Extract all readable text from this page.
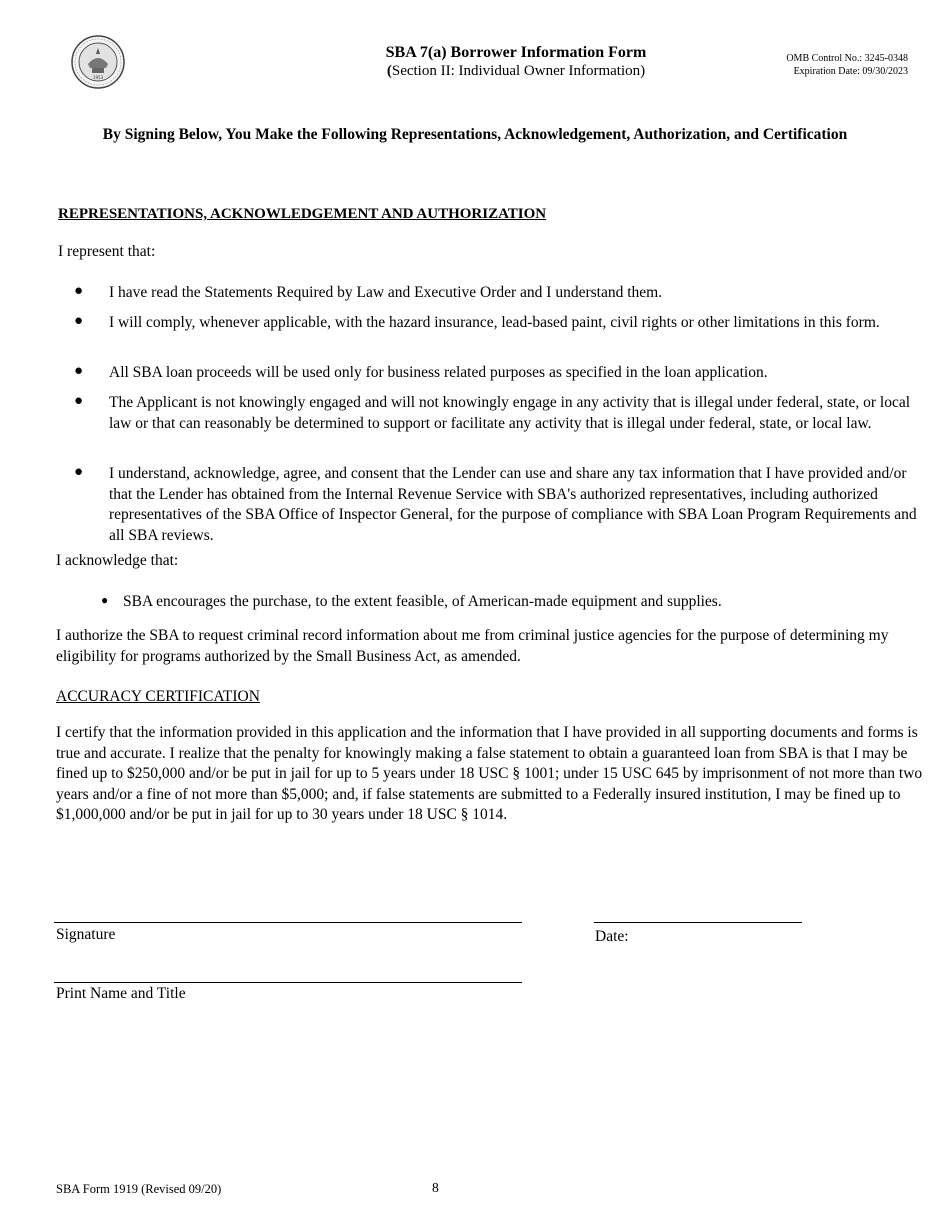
1953
SBA 7(a) Borrower Information Form
(Section II: Individual Owner Information)
OMB Control No.: 3245-0348
Expiration Date: 09/30/2023
By Signing Below, You Make the Following Representations, Acknowledgement, Authorization, and Certification
REPRESENTATIONS, ACKNOWLEDGEMENT AND AUTHORIZATION
I represent that:
● I have read the Statements Required by Law and Executive Order and I understand them.
● I will comply, whenever applicable, with the hazard insurance, lead-based paint, civil rights or other limitations in this form.
● All SBA loan proceeds will be used only for business related purposes as specified in the loan application.
● The Applicant is not knowingly engaged and will not knowingly engage in any activity that is illegal under federal, state, or local law or that can reasonably be determined to support or facilitate any activity that is illegal under federal, state, or local law.
● I understand, acknowledge, agree, and consent that the Lender can use and share any tax information that I have provided and/or that the Lender has obtained from the Internal Revenue Service with SBA's authorized representatives, including authorized representatives of the SBA Office of Inspector General, for the purpose of compliance with SBA Loan Program Requirements and all SBA reviews.
I acknowledge that:
● SBA encourages the purchase, to the extent feasible, of American-made equipment and supplies.
I authorize the SBA to request criminal record information about me from criminal justice agencies for the purpose of determining my eligibility for programs authorized by the Small Business Act, as amended.
ACCURACY CERTIFICATION
I certify that the information provided in this application and the information that I have provided in all supporting documents and forms is true and accurate. I realize that the penalty for knowingly making a false statement to obtain a guaranteed loan from SBA is that I may be fined up to $250,000 and/or be put in jail for up to 5 years under 18 USC § 1001; under 15 USC 645 by imprisonment of not more than two years and/or a fine of not more than $5,000; and, if false statements are submitted to a Federally insured institution, I may be fined up to $1,000,000 and/or be put in jail for up to 30 years under 18 USC § 1014.
Signature	Date:
Print Name and Title
SBA Form 1919 (Revised 09/20)	8
